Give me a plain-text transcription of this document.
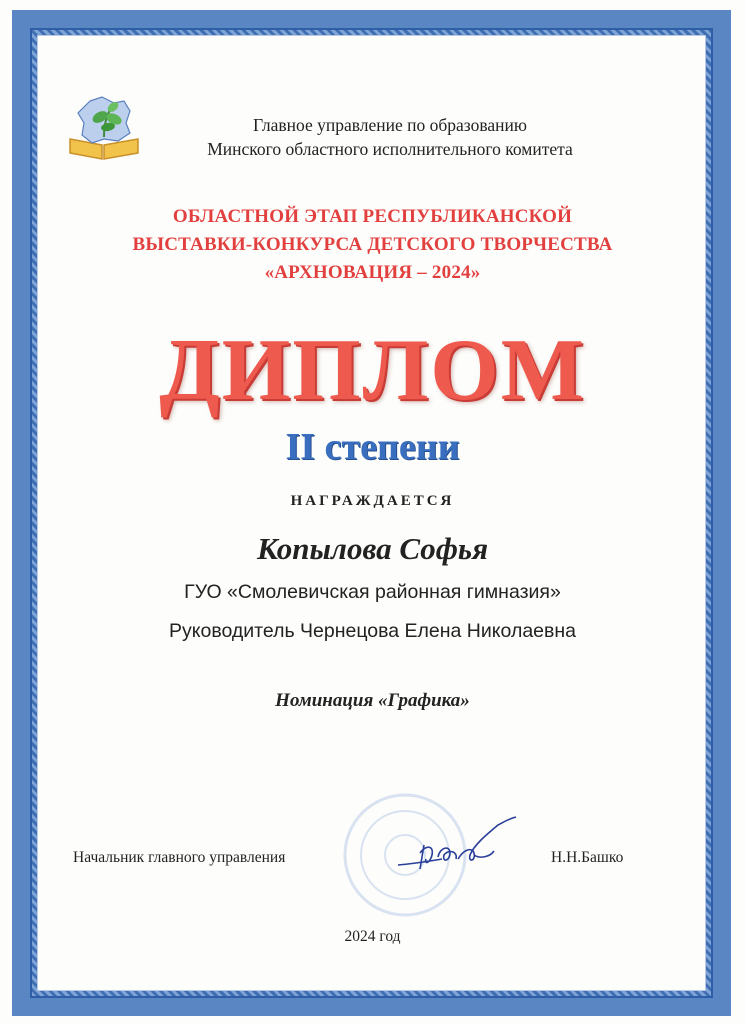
Главное управление по образованию
Минского областного исполнительного комитета
ОБЛАСТНОЙ ЭТАП РЕСПУБЛИКАНСКОЙ
ВЫСТАВКИ-КОНКУРСА ДЕТСКОГО ТВОРЧЕСТВА
«АРХНОВАЦИЯ – 2024»
ДИПЛОМ
II степени
НАГРАЖДАЕТСЯ
Копылова Софья
ГУО «Смолевичская районная гимназия»
Руководитель Чернецова Елена Николаевна
Номинация «Графика»
Начальник главного управления	Н.Н.Башко
2024 год
